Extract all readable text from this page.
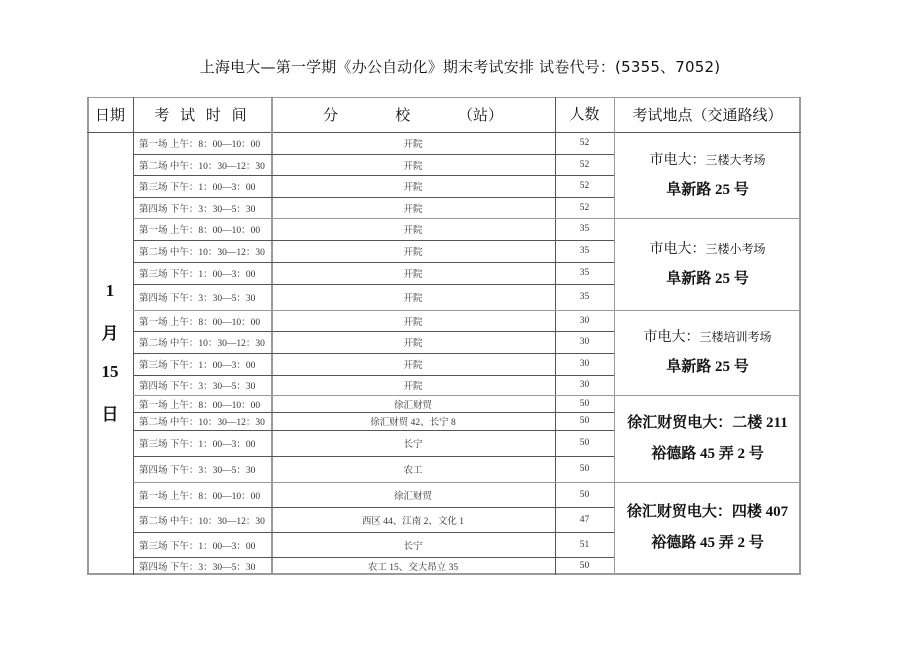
上海电大—第一学期《办公自动化》期末考试安排 试卷代号：(5355、7052)
日期	考 试 时 间	分            校          （站）	人数	考试地点（交通路线）
1
月
15
日
第一场 上午：8：00—10：00	开院	52
第二场 中午：10：30—12：30	开院	52
第三场 下午：1：00—3：00	开院	52
第四场 下午：3：30—5：30	开院	52
市电大：三楼大考场
阜新路 25 号
第一场 上午：8：00—10：00	开院	35
第二场 中午：10：30—12：30	开院	35
第三场 下午：1：00—3：00	开院	35
第四场 下午：3：30—5：30	开院	35
市电大：三楼小考场
阜新路 25 号
第一场 上午：8：00—10：00	开院	30
第二场 中午：10：30—12：30	开院	30
第三场 下午：1：00—3：00	开院	30
第四场 下午：3：30—5：30	开院	30
市电大：三楼培训考场
阜新路 25 号
第一场 上午：8：00—10：00	徐汇财贸	50
第二场 中午：10：30—12：30	徐汇财贸 42、长宁 8	50
第三场 下午：1：00—3：00	长宁	50
第四场 下午：3：30—5：30	农工	50
徐汇财贸电大：二楼 211
裕德路 45 弄 2 号
第一场 上午：8：00—10：00	徐汇财贸	50
第二场 中午：10：30—12：30	西区 44、江南 2、文化 1	47
第三场 下午：1：00—3：00	长宁	51
第四场 下午：3：30—5：30	农工 15、交大昂立 35	50
徐汇财贸电大：四楼 407
裕德路 45 弄 2 号
